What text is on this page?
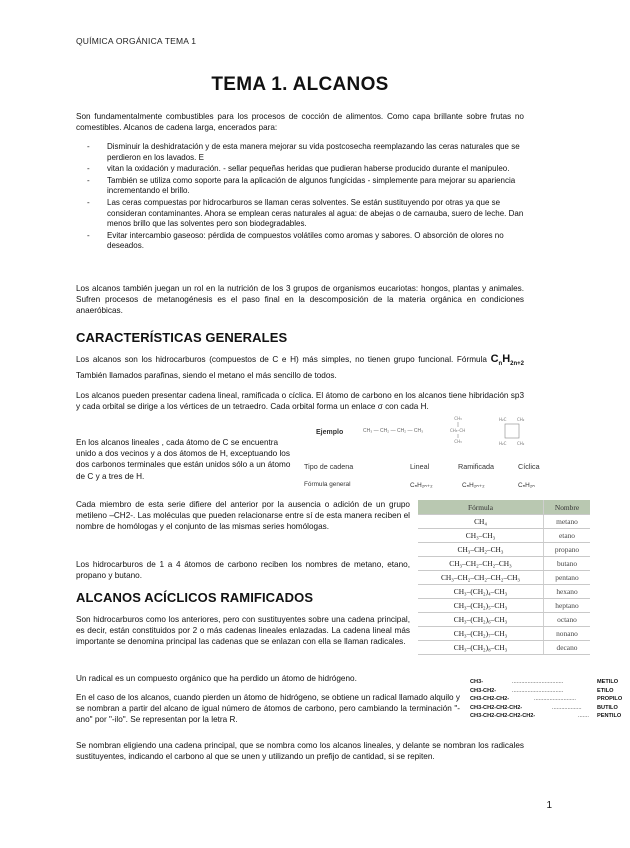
QUÍMICA ORGÁNICA TEMA 1
TEMA 1. ALCANOS
Son fundamentalmente combustibles para los procesos de cocción de alimentos. Como capa brillante sobre frutas no comestibles. Alcanos de cadena larga, encerados para:
- Disminuir la deshidratación y de esta manera mejorar su vida postcosecha reemplazando las ceras naturales que se perdieron en los lavados. E
- vitan la oxidación y maduración. - sellar pequeñas heridas que pudieran haberse producido durante el manipuleo.
- También se utiliza como soporte para la aplicación de algunos fungicidas - simplemente para mejorar su apariencia incrementando el brillo.
- Las ceras compuestas por hidrocarburos se llaman ceras solventes. Se están sustituyendo por otras ya que se consideran contaminantes. Ahora se emplean ceras naturales al agua: de abejas o de carnauba, suero de leche. Dan menos brillo que las solventes pero son biodegradables.
- Evitar intercambio gaseoso: pérdida de compuestos volátiles como aromas y sabores. O absorción de olores no deseados.
Los alcanos también juegan un rol en la nutrición de los 3 grupos de organismos eucariotas: hongos, plantas y animales. Sufren procesos de metanogénesis es el paso final en la descomposición de la materia orgánica en condiciones anaeróbicas.
CARACTERÍSTICAS GENERALES
Los alcanos son los hidrocarburos (compuestos de C e H) más simples, no tienen grupo funcional. Fórmula $C_nH_{2n+2}$ También llamados parafinas, siendo el metano el más sencillo de todos.
Los alcanos pueden presentar cadena lineal, ramificada o cíclica. El átomo de carbono en los alcanos tiene hibridación sp3 y cada orbital se dirige a los vértices de un tetraedro. Cada orbital forma un enlace σ con cada H.
En los alcanos lineales , cada átomo de C se encuentra unido a dos vecinos y a dos átomos de H, exceptuando los dos carbonos terminales que están unidos sólo a un átomo de C y a tres de H.
Ejemplo	CH₃ — CH₂ — CH₂ — CH₃
CH₃
CH₃–CH
CH₃
H₂C	CH₂
H₂C	CH₂
Tipo de cadena	Lineal	Ramificada	Cíclica
Fórmula general	CₙH₂ₙ₊₂	CₙH₂ₙ₊₂	CₙH₂ₙ
Cada miembro de esta serie difiere del anterior por la ausencia o adición de un grupo metileno –CH2-. Las moléculas que pueden relacionarse entre sí de esta manera reciben el nombre de homólogas y el conjunto de las mismas series homólogas.
Los hidrocarburos de 1 a 4 átomos de carbono reciben los nombres de metano, etano, propano y butano.
Fórmula	Nombre
CH₄	metano
CH₃–CH₃	etano
CH₃–CH₂–CH₃	propano
CH₃–CH₂–CH₂–CH₃	butano
CH₃–CH₂–CH₂–CH₂–CH₃	pentano
CH₃–(CH₂)₄–CH₃	hexano
CH₃–(CH₂)₅–CH₃	heptano
CH₃–(CH₂)₆–CH₃	octano
CH₃–(CH₂)₇–CH₃	nonano
CH₃–(CH₂)₈–CH₃	decano
ALCANOS ACÍCLICOS RAMIFICADOS
Son hidrocarburos como los anteriores, pero con sustituyentes sobre una cadena principal, es decir, están constituidos por 2 o más cadenas lineales enlazadas. La cadena lineal más importante se denomina principal las cadenas que se enlazan con ella se llaman radicales.
Un radical es un compuesto orgánico que ha perdido un átomo de hidrógeno.
En el caso de los alcanos, cuando pierden un átomo de hidrógeno, se obtiene un radical llamado alquilo y se nombran a partir del alcano de igual número de átomos de carbono, pero cambiando la terminación "- ano" por "-ilo". Se representan por la letra R.
CH3-	.................................	METILO
CH3-CH2-	.................................	ETILO
CH3-CH2-CH2-	...........................	PROPILO
CH3-CH2-CH2-CH2-	...................	BUTILO
CH3-CH2-CH2-CH2-CH2-	....... PENTILO
Se nombran eligiendo una cadena principal, que se nombra como los alcanos lineales, y delante se nombran los radicales sustituyentes, indicando el carbono al que se unen y utilizando un prefijo de cantidad, si se repiten.
1
